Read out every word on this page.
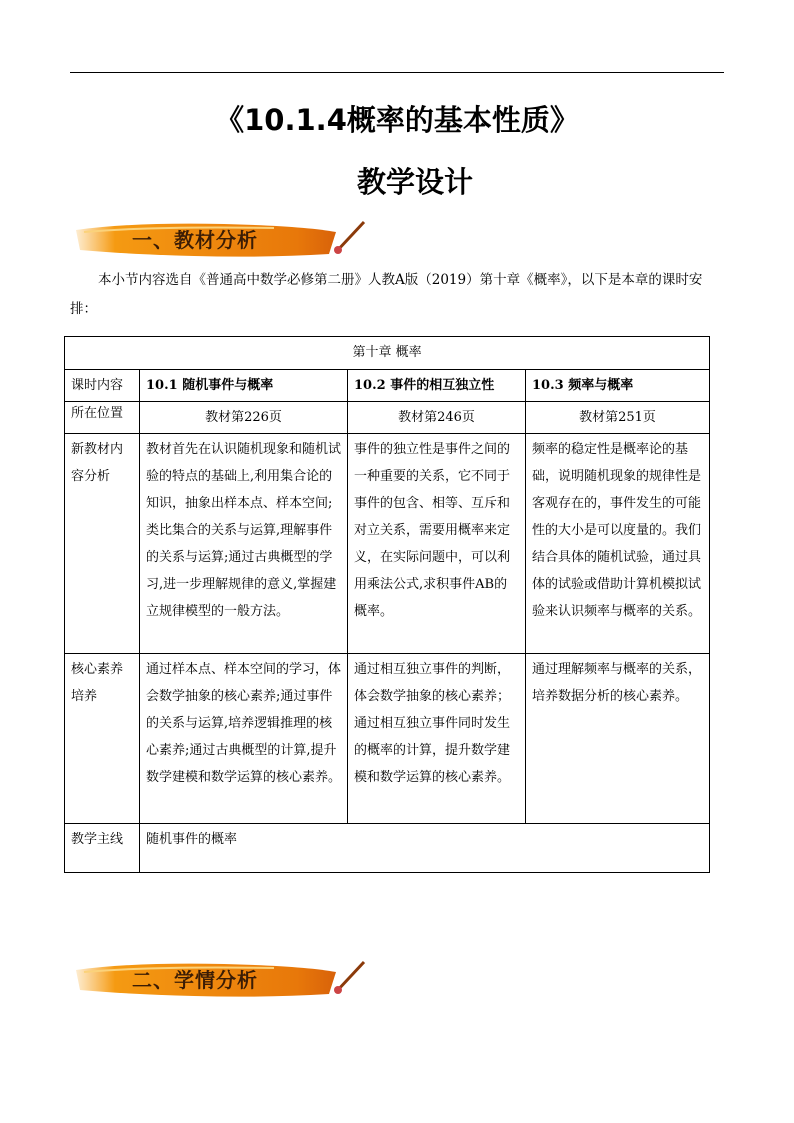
《10.1.4概率的基本性质》
教学设计
一、教材分析
本小节内容选自《普通高中数学必修第二册》人教A版（2019）第十章《概率》，以下是本章的课时安排：
第十章 概率			
课时内容	10.1 随机事件与概率	10.2 事件的相互独立性	10.3 频率与概率
所在位置	教材第226页	教材第246页	教材第251页
新教材内容分析	教材首先在认识随机现象和随机试验的特点的基础上,利用集合论的知识，抽象出样本点、样本空间;类比集合的关系与运算,理解事件的关系与运算;通过古典概型的学习,进一步理解规律的意义,掌握建立规律模型的一般方法。	事件的独立性是事件之间的一种重要的关系，它不同于事件的包含、相等、互斥和对立关系，需要用概率来定义，在实际问题中，可以利用乘法公式,求积事件AB的概率。	频率的稳定性是概率论的基础，说明随机现象的规律性是客观存在的，事件发生的可能性的大小是可以度量的。我们结合具体的随机试验，通过具体的试验或借助计算机模拟试验来认识频率与概率的关系。
核心素养培养	通过样本点、样本空间的学习，体会数学抽象的核心素养;通过事件的关系与运算,培养逻辑推理的核心素养;通过古典概型的计算,提升数学建模和数学运算的核心素养。	通过相互独立事件的判断，体会数学抽象的核心素养；通过相互独立事件同时发生的概率的计算，提升数学建模和数学运算的核心素养。	通过理解频率与概率的关系，培养数据分析的核心素养。
教学主线	随机事件的概率		
二、学情分析
